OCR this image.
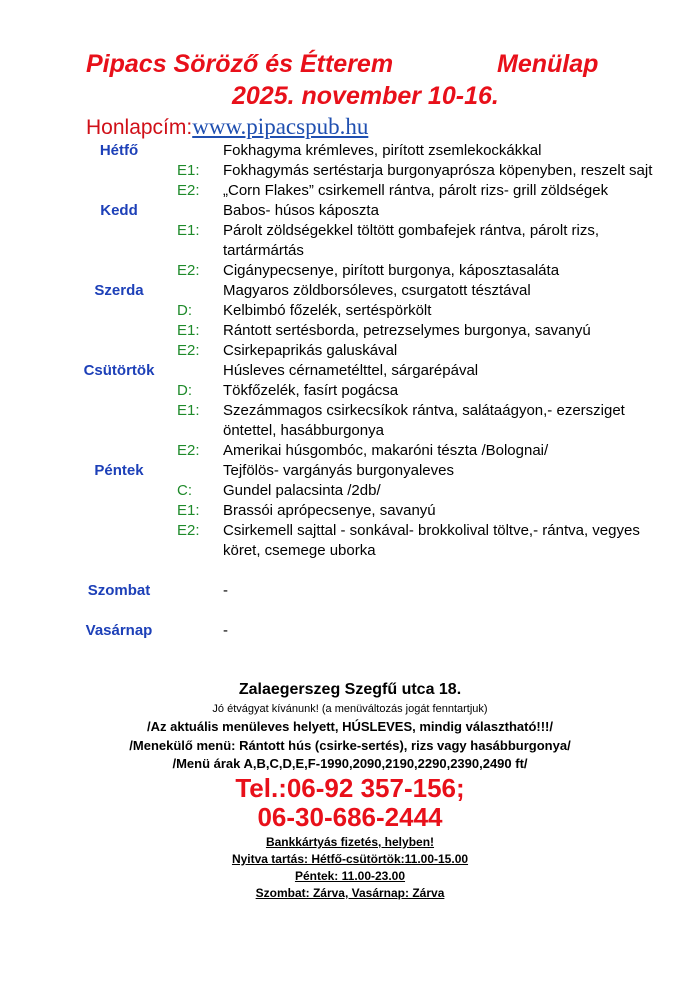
Pipacs Söröző és Étterem	Menülap
2025. november 10-16.
Honlapcím:www.pipacspub.hu
Hétfő	Fokhagyma krémleves, pirított zsemlekockákkal
E1: Fokhagymás sertéstarja burgonyaprósza köpenyben, reszelt sajt
E2: „Corn Flakes” csirkemell rántva, párolt rizs- grill zöldségek
Kedd	Babos- húsos káposzta
E1: Párolt zöldségekkel töltött gombafejek rántva, párolt rizs, tartármártás
E2: Cigánypecsenye, pirított burgonya, káposztasaláta
Szerda	Magyaros zöldborsóleves, csurgatott tésztával
D: Kelbimbó főzelék, sertéspörkölt
E1: Rántott sertésborda, petrezselymes burgonya, savanyú
E2: Csirkepaprikás galuskával
Csütörtök	Húsleves cérnametélttel, sárgarépával
D: Tökfőzelék, fasírt pogácsa
E1: Szezámmagos csirkecsíkok rántva, salátaágyon,- ezersziget öntettel, hasábburgonya
E2: Amerikai húsgombóc, makaróni tészta /Bolognai/
Péntek	Tejfölös- vargányás burgonyaleves
C: Gundel palacsinta /2db/
E1: Brassói aprópecsenye, savanyú
E2: Csirkemell sajttal - sonkával- brokkolival töltve,- rántva, vegyes köret, csemege uborka
Szombat	-
Vasárnap	-
Zalaegerszeg Szegfű utca 18.
Jó étvágyat kívánunk! (a menüváltozás jogát fenntartjuk)
/Az aktuális menüleves helyett, HÚSLEVES, mindig választható!!!/
/Menekülő menü: Rántott hús (csirke-sertés), rizs vagy hasábburgonya/
/Menü árak A,B,C,D,E,F-1990,2090,2190,2290,2390,2490 ft/
Tel.:06-92 357-156;
06-30-686-2444
Bankkártyás fizetés, helyben!
Nyitva tartás: Hétfő-csütörtök:11.00-15.00
Péntek: 11.00-23.00
Szombat: Zárva, Vasárnap: Zárva
